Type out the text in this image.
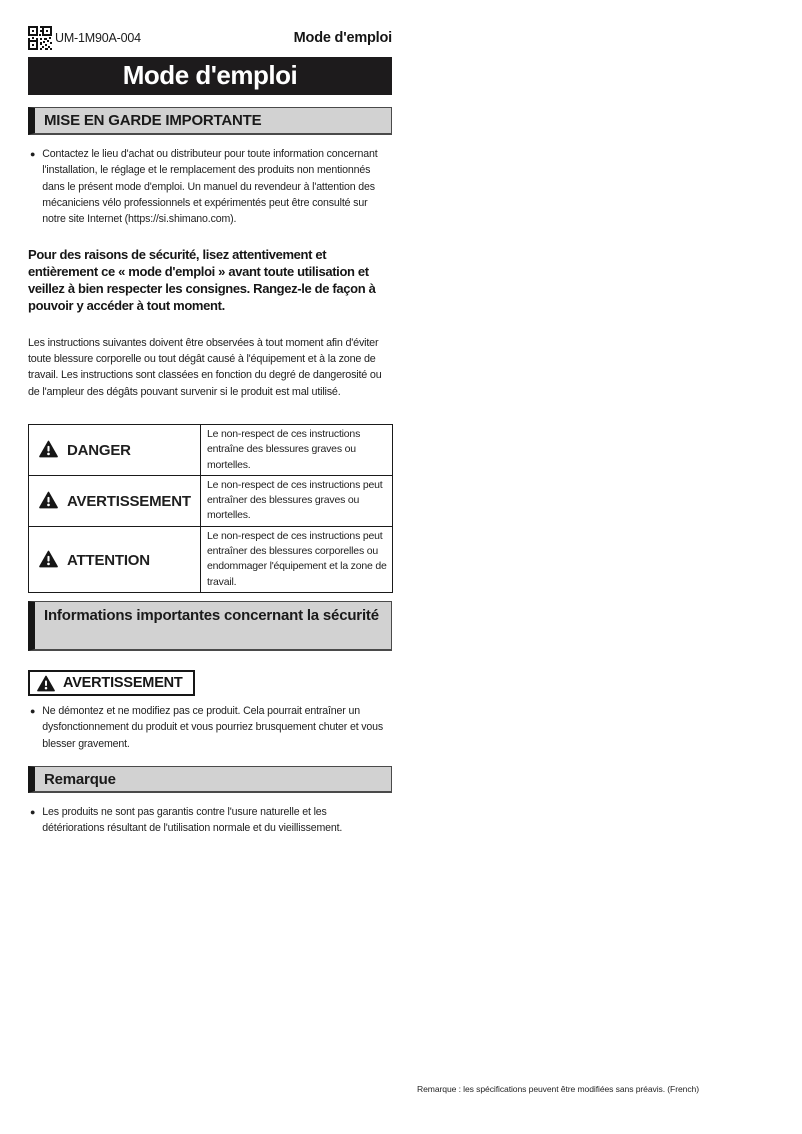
UM-1M90A-004	Mode d'emploi
Mode d'emploi
MISE EN GARDE IMPORTANTE
● Contactez le lieu d'achat ou distributeur pour toute information concernant l'installation, le réglage et le remplacement des produits non mentionnés dans le présent mode d'emploi. Un manuel du revendeur à l'attention des mécaniciens vélo professionnels et expérimentés peut être consulté sur notre site Internet (https://si.shimano.com).

Pour des raisons de sécurité, lisez attentivement et entièrement ce « mode d'emploi » avant toute utilisation et veillez à bien respecter les consignes. Rangez-le de façon à pouvoir y accéder à tout moment.

Les instructions suivantes doivent être observées à tout moment afin d'éviter toute blessure corporelle ou tout dégât causé à l'équipement et à la zone de travail. Les instructions sont classées en fonction du degré de dangerosité ou de l'ampleur des dégâts pouvant survenir si le produit est mal utilisé.

DANGER	Le non-respect de ces instructions entraîne des blessures graves ou mortelles.
AVERTISSEMENT	Le non-respect de ces instructions peut entraîner des blessures graves ou mortelles.
ATTENTION	Le non-respect de ces instructions peut entraîner des blessures corporelles ou endommager l'équipement et la zone de travail.
Informations importantes concernant la sécurité
AVERTISSEMENT
● Ne démontez et ne modifiez pas ce produit. Cela pourrait entraîner un dysfonctionnement du produit et vous pourriez brusquement chuter et vous blesser gravement.
Remarque
● Les produits ne sont pas garantis contre l'usure naturelle et les détériorations résultant de l'utilisation normale et du vieillissement.
Remarque : les spécifications peuvent être modifiées sans préavis. (French)
